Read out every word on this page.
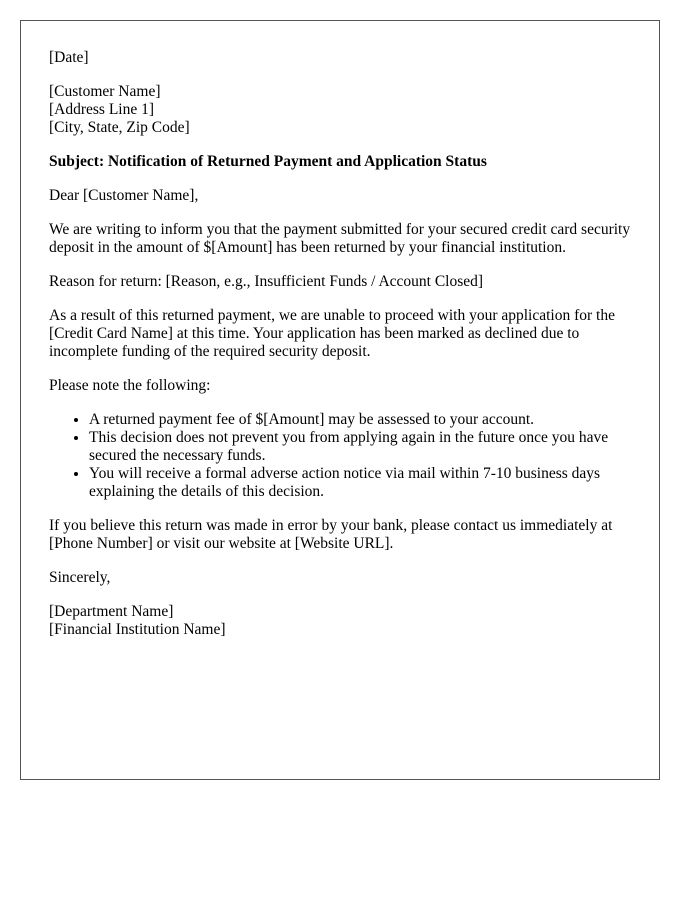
[Date]
[Customer Name]
[Address Line 1]
[City, State, Zip Code]

Subject: Notification of Returned Payment and Application Status

Dear [Customer Name],

We are writing to inform you that the payment submitted for your secured credit card security deposit in the amount of $[Amount] has been returned by your financial institution.

Reason for return: [Reason, e.g., Insufficient Funds / Account Closed]

As a result of this returned payment, we are unable to proceed with your application for the [Credit Card Name] at this time. Your application has been marked as declined due to incomplete funding of the required security deposit.

Please note the following:

• A returned payment fee of $[Amount] may be assessed to your account.
• This decision does not prevent you from applying again in the future once you have secured the necessary funds.
• You will receive a formal adverse action notice via mail within 7-10 business days explaining the details of this decision.

If you believe this return was made in error by your bank, please contact us immediately at [Phone Number] or visit our website at [Website URL].

Sincerely,

[Department Name]
[Financial Institution Name]
